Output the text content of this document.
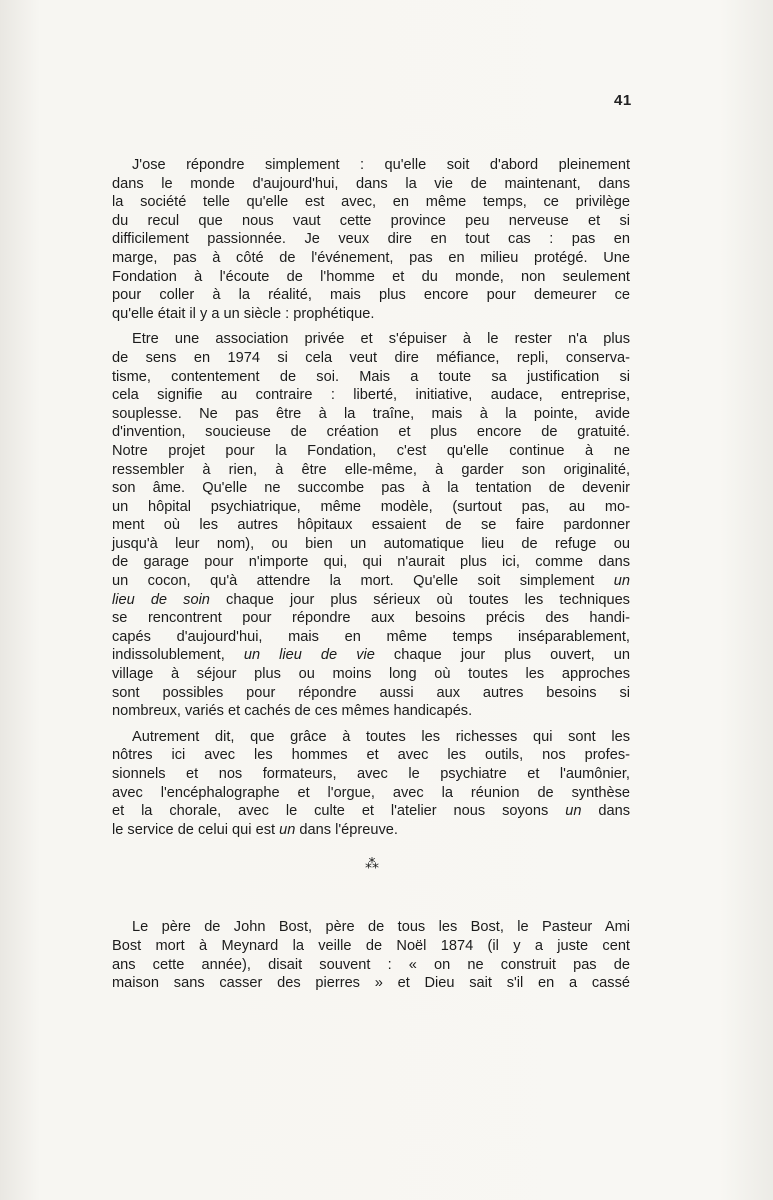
41
J'ose répondre simplement : qu'elle soit d'abord pleinement
dans le monde d'aujourd'hui, dans la vie de maintenant, dans
la société telle qu'elle est avec, en même temps, ce privilège
du recul que nous vaut cette province peu nerveuse et si
difficilement passionnée. Je veux dire en tout cas : pas en
marge, pas à côté de l'événement, pas en milieu protégé. Une
Fondation à l'écoute de l'homme et du monde, non seulement
pour coller à la réalité, mais plus encore pour demeurer ce
qu'elle était il y a un siècle : prophétique.
Etre une association privée et s'épuiser à le rester n'a plus
de sens en 1974 si cela veut dire méfiance, repli, conserva-
tisme, contentement de soi. Mais a toute sa justification si
cela signifie au contraire : liberté, initiative, audace, entreprise,
souplesse. Ne pas être à la traîne, mais à la pointe, avide
d'invention, soucieuse de création et plus encore de gratuité.
Notre projet pour la Fondation, c'est qu'elle continue à ne
ressembler à rien, à être elle-même, à garder son originalité,
son âme. Qu'elle ne succombe pas à la tentation de devenir
un hôpital psychiatrique, même modèle, (surtout pas, au mo-
ment où les autres hôpitaux essaient de se faire pardonner
jusqu'à leur nom), ou bien un automatique lieu de refuge ou
de garage pour n'importe qui, qui n'aurait plus ici, comme dans
un cocon, qu'à attendre la mort. Qu'elle soit simplement un
lieu de soin chaque jour plus sérieux où toutes les techniques
se rencontrent pour répondre aux besoins précis des handi-
capés d'aujourd'hui, mais en même temps inséparablement,
indissolublement, un lieu de vie chaque jour plus ouvert, un
village à séjour plus ou moins long où toutes les approches
sont possibles pour répondre aussi aux autres besoins si
nombreux, variés et cachés de ces mêmes handicapés.
Autrement dit, que grâce à toutes les richesses qui sont les
nôtres ici avec les hommes et avec les outils, nos profes-
sionnels et nos formateurs, avec le psychiatre et l'aumônier,
avec l'encéphalographe et l'orgue, avec la réunion de synthèse
et la chorale, avec le culte et l'atelier nous soyons un dans
le service de celui qui est un dans l'épreuve.
⁂
Le père de John Bost, père de tous les Bost, le Pasteur Ami
Bost mort à Meynard la veille de Noël 1874 (il y a juste cent
ans cette année), disait souvent : « on ne construit pas de
maison sans casser des pierres » et Dieu sait s'il en a cassé
